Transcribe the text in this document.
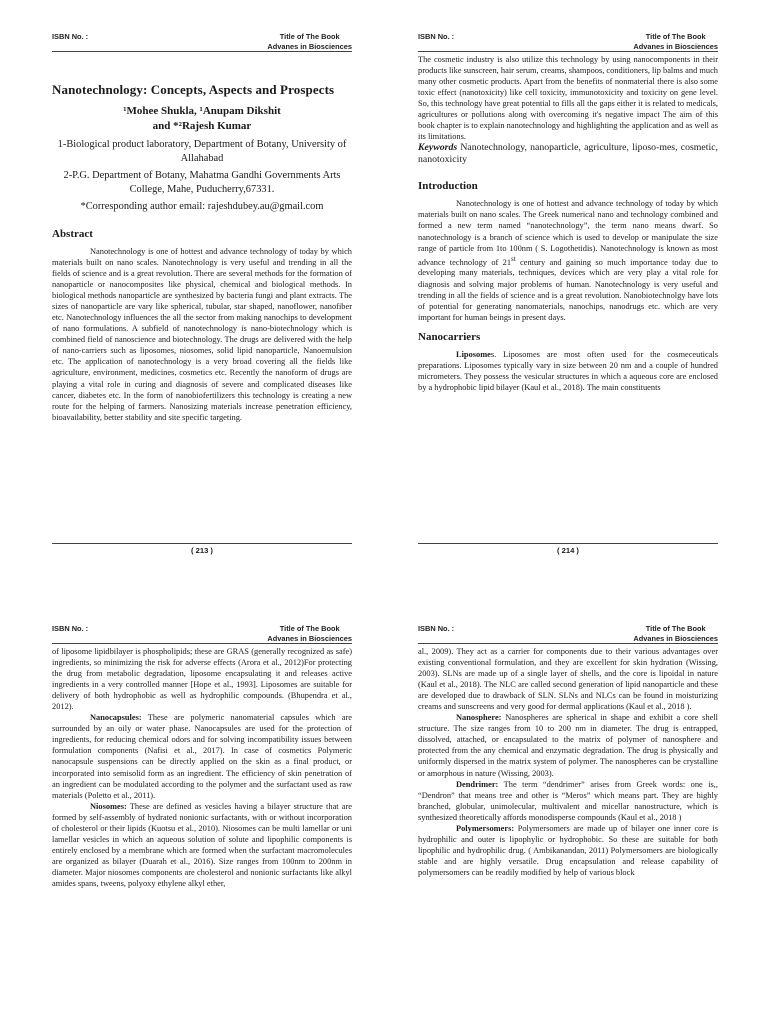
ISBN No. :	Title of The Book
Advanes in Biosciences
Nanotechnology: Concepts, Aspects and Prospects
¹Mohee Shukla, ¹Anupam Dikshit
and *²Rajesh Kumar
1-Biological product laboratory, Department of Botany, University of Allahabad
2-P.G. Department of Botany, Mahatma Gandhi Governments Arts College, Mahe, Puducherry,67331.
*Corresponding author email: rajeshdubey.au@gmail.com
Abstract

Nanotechnology is one of hottest and advance technology of today by which materials built on nano scales. Nanotechnology is very useful and trending in all the fields of science and is a great revolution. There are several methods for the formation of nanoparticle or nanocomposites like physical, chemical and biological methods. In biological methods nanoparticle are synthesized by bacteria fungi and plant extracts. The sizes of nanoparticle are vary like spherical, tubular, star shaped, nanoflower, nanofiber etc. Nanotechnology influences the all the sector from making nanochips to development of nano formulations. A subfield of nanotechnology is nano-biotechnology which is combined field of nanoscience and biotechnology. The drugs are delivered with the help of nano-carriers such as liposomes, niosomes, solid lipid nanoparticle, Nanoemulsion etc. The application of nanotechnology is a very broad covering all the fields like agriculture, environment, medicines, cosmetics etc. Recently the nanoform of drugs are playing a vital role in curing and diagnosis of severe and complicated diseases like cancer, diabetes etc. In the form of nanobiofertilizers this technology is creating a new route for the helping of farmers. Nanosizing materials increase penetration efficiency, bioavailability, better stability and site specific targeting.

( 213 )
ISBN No. :	Title of The Book
Advanes in Biosciences

The cosmetic industry is also utilize this technology by using nanocomponents in their products like sunscreen, hair serum, creams, shampoos, conditioners, lip balms and much many other cosmetic products. Apart from the benefits of nonmaterial there is also some toxic effect (nanotoxicity) like cell toxicity, immunotoxicity and toxicity on gene level. So, this technology have great potential to fills all the gaps either it is related to medicals, agricultures or pollutions along with overcoming it's negative impact The aim of this book chapter is to explain nanotechnology and highlighting the application and as well as its limitations.

Keywords Nanotechnology, nanoparticle, agriculture, liposo-mes, cosmetic, nanotoxicity

Introduction

Nanotechnology is one of hottest and advance technology of today by which materials built on nano scales. The Greek numerical nano and technology combined and formed a new term named “nanotechnology”, the term nano means dwarf. So nanotechnology is a branch of science which is used to develop or manipulate the size range of particle from 1to 100nm ( S. Logothetidis). Nanotechnology is known as most advance technology of 21st century and gaining so much importance today due to developing many materials, techniques, devices which are very play a vital role for diagnosis and solving major problems of human. Nanotechnology is very useful and trending in all the fields of science and is a great revolution. Nanobiotechnolgy have lots of potential for generating nanomaterials, nanochips, nanodrugs etc. which are very important for human beings in present days.

Nanocarriers

Liposomes. Liposomes are most often used for the cosmeceuticals preparations. Liposomes typically vary in size between 20 nm and a couple of hundred micrometers. They possess the vesicular structures in which a aqueous core are enclosed by a hydrophobic lipid bilayer (Kaul et al., 2018). The main constituents

( 214 )
ISBN No. :	Title of The Book
Advanes in Biosciences

of liposome lipidbilayer is phospholipids; these are GRAS (generally recognized as safe) ingredients, so minimizing the risk for adverse effects (Arora et al., 2012)For protecting the drug from metabolic degradation, liposome encapsulating it and releases active ingredients in a very controlled manner [Hope et al., 1993]. Liposomes are suitable for delivery of both hydrophobic as well as hydrophilic compounds. (Bhupendra et al., 2012).

Nanocapsules: These are polymeric nanomaterial capsules which are surrounded by an oily or water phase. Nanocapsules are used for the protection of ingredients, for reducing chemical odors and for solving incompatibility issues between formulation components (Nafisi et al., 2017). In case of cosmetics Polymeric nanocapsule suspensions can be directly applied on the skin as a final product, or incorporated into semisolid form as an ingredient. The efficiency of skin penetration of an ingredient can be modulated according to the polymer and the surfactant used as raw materials (Poletto et al., 2011).

Niosomes: These are defined as vesicles having a bilayer structure that are formed by self-assembly of hydrated nonionic surfactants, with or without incorporation of cholesterol or their lipids (Kuotsu et al., 2010). Niosomes can be multi lamellar or uni lamellar vesicles in which an aqueous solution of solute and lipophilic components is entirely enclosed by a membrane which are formed when the surfactant macromolecules are organized as bilayer (Duarah et al., 2016). Size ranges from 100nm to 200nm in diameter. Major niosomes components are cholesterol and nonionic surfactants like alkyl amides spans, tweens, polyoxy ethylene alkyl ether,

ISBN No. :	Title of The Book
Advanes in Biosciences

al., 2009). They act as a carrier for components due to their various advantages over existing conventional formulation, and they are excellent for skin hydration (Wissing, 2003). SLNs are made up of a single layer of shells, and the core is lipoidal in nature (Kaul et al., 2018). The NLC are called second generation of lipid nanoparticle and these are developed due to drawback of SLN. SLNs and NLCs can be found in moisturizing creams and sunscreens and very good for dermal applications (Kaul et al., 2018 ).

Nanosphere: Nanospheres are spherical in shape and exhibit a core shell structure. The size ranges from 10 to 200 nm in diameter. The drug is entrapped, dissolved, attached, or encapsulated to the matrix of polymer of nanosphere and protected from the any chemical and enzymatic degradation. The drug is physically and uniformly dispersed in the matrix system of polymer. The nanospheres can be crystalline or amorphous in nature (Wissing, 2003).

Dendrimer: The term “dendrimer” arises from Greek words: one is,, “Dendron” that means tree and other is “Meros” which means part. They are highly branched, globular, unimolecular, multivalent and micellar nanostructure, which is synthesized theoretically affords monodisperse compounds (Kaul et al., 2018 )

Polymersomers: Polymersomers are made up of bilayer one inner core is hydrophilic and outer is lipophylic or hydrophobic. So these are suitable for both lipophilic and hydrophilic drug. ( Ambikanandan, 2011) Polymersomers are biologically stable and are highly versatile. Drug encapsulation and release capability of polymersomers can be readily modified by help of various block
